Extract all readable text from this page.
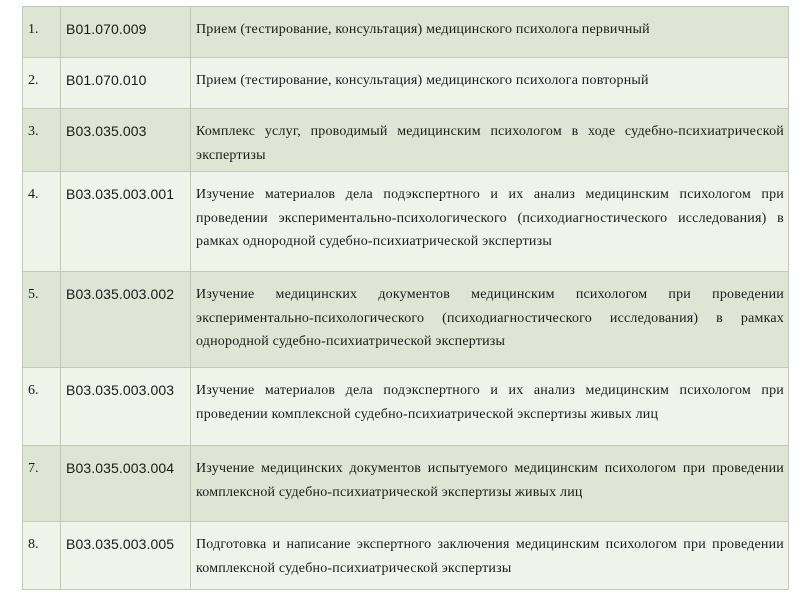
1.	B01.070.009	Прием (тестирование, консультация) медицинского психолога первичный
2.	B01.070.010	Прием (тестирование, консультация) медицинского психолога повторный
3.	B03.035.003	Комплекс услуг, проводимый медицинским психологом в ходе судебно-психиатрической экспертизы
4.	B03.035.003.001	Изучение материалов дела подэкспертного и их анализ медицинским психологом при проведении экспериментально-психологического (психодиагностического исследования) в рамках однородной судебно-психиатрической экспертизы
5.	B03.035.003.002	Изучение медицинских документов медицинским психологом при проведении экспериментально-психологического (психодиагностического исследования) в рамках однородной судебно-психиатрической экспертизы
6.	B03.035.003.003	Изучение материалов дела подэкспертного и их анализ медицинским психологом при проведении комплексной судебно-психиатрической экспертизы живых лиц
7.	B03.035.003.004	Изучение медицинских документов испытуемого медицинским психологом при проведении комплексной судебно-психиатрической экспертизы живых лиц
8.	B03.035.003.005	Подготовка и написание экспертного заключения медицинским психологом при проведении комплексной судебно-психиатрической экспертизы
